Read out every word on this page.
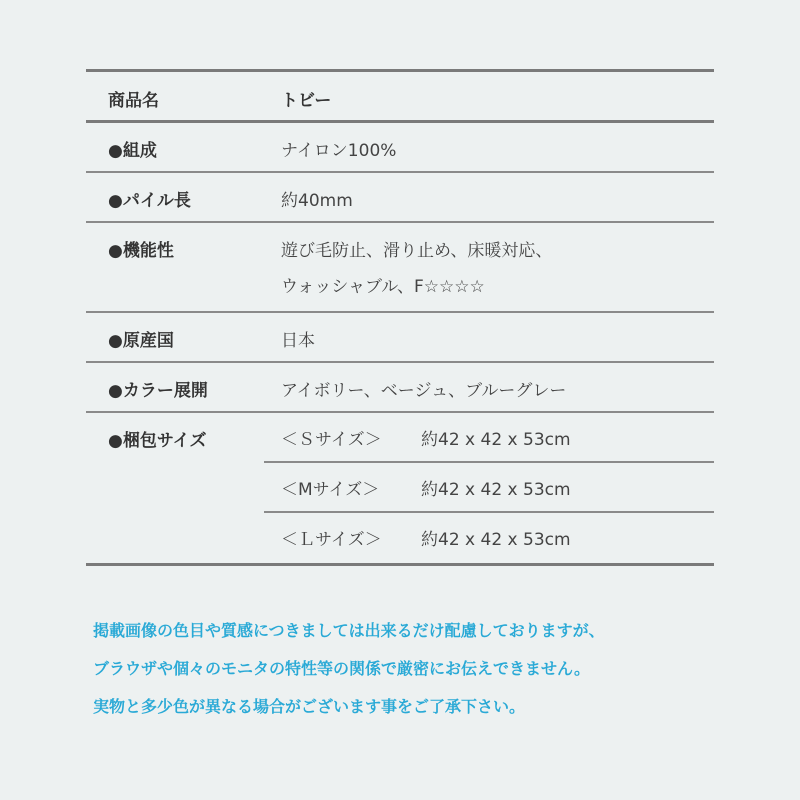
商品名	トビー
●組成	ナイロン100%
●パイル長	約40mm
●機能性	遊び毛防止、滑り止め、床暖対応、
ウォッシャブル、F☆☆☆☆
●原産国	日本
●カラー展開	アイボリー、ベージュ、ブルーグレー
●梱包サイズ	＜Ｓサイズ＞ 約42 x 42 x 53cm
＜Mサイズ＞ 約42 x 42 x 53cm
＜Ｌサイズ＞ 約42 x 42 x 53cm
掲載画像の色目や質感につきましては出来るだけ配慮しておりますが、
ブラウザや個々のモニタの特性等の関係で厳密にお伝えできません。
実物と多少色が異なる場合がございます事をご了承下さい。
